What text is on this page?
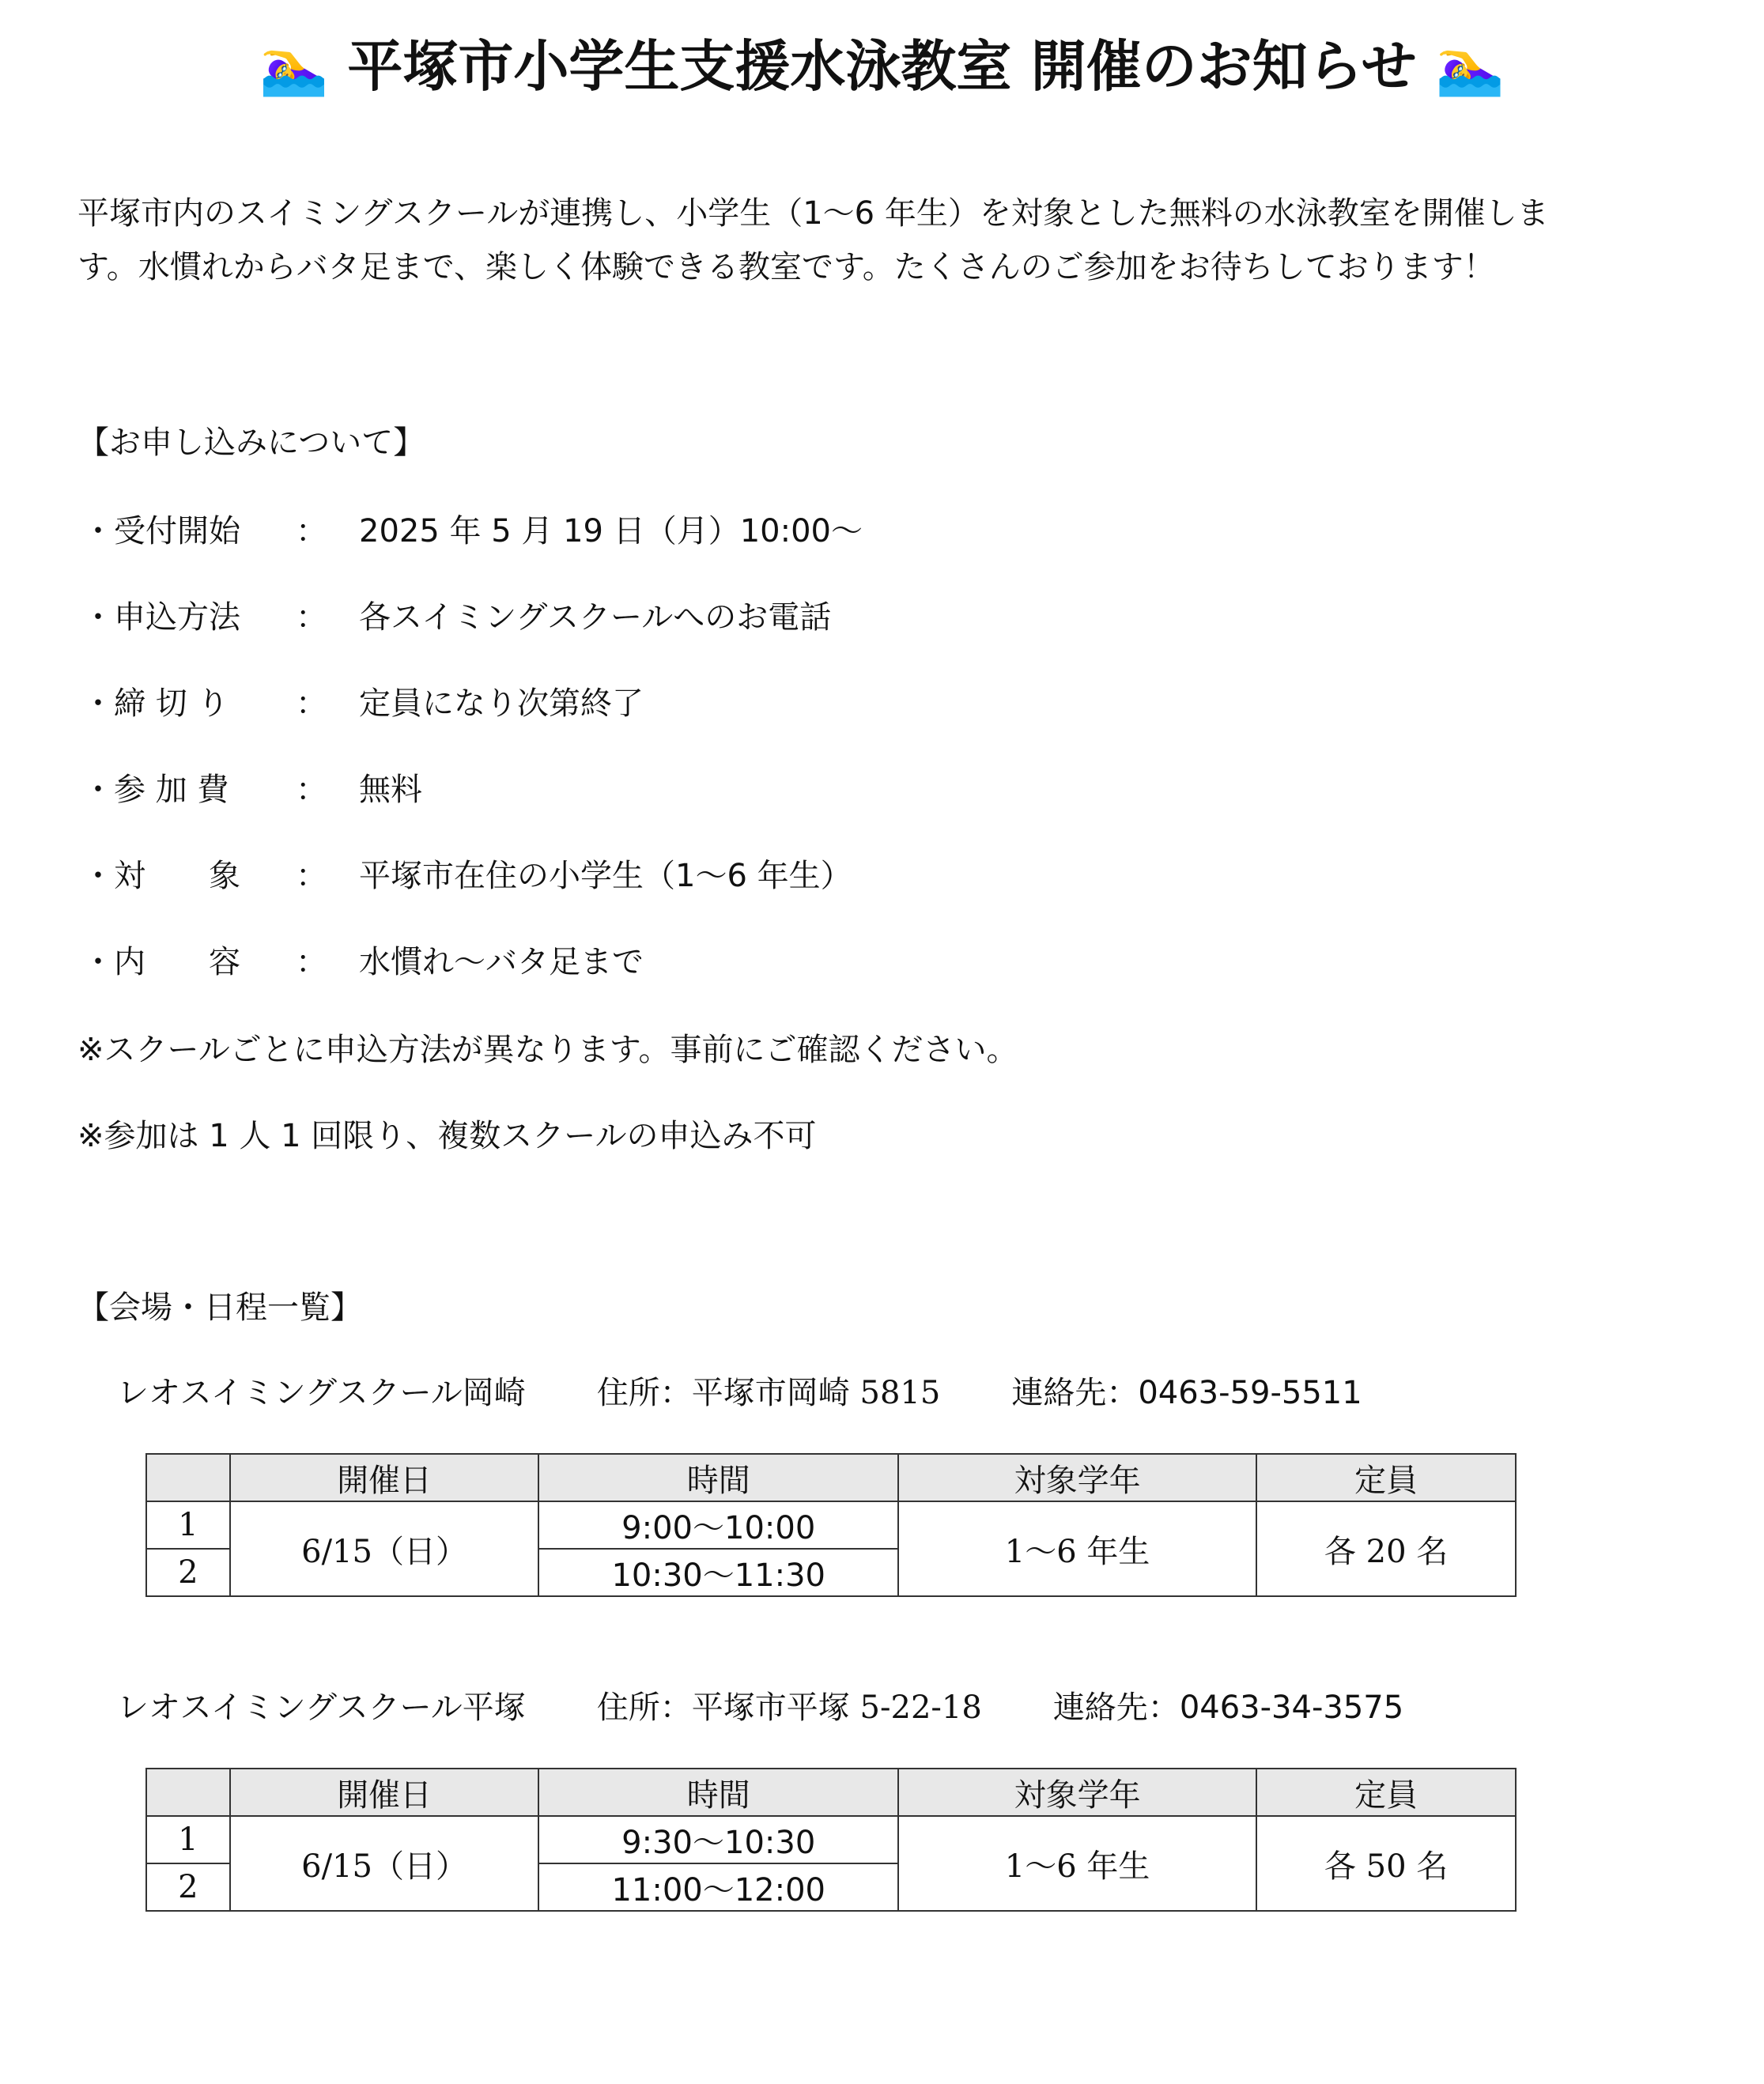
🏊‍♀️ 平塚市小学生支援水泳教室 開催のお知らせ 🏊‍♀️

平塚市内のスイミングスクールが連携し、小学生（1～6 年生）を対象とした無料の水泳教室を開催しま

す。水慣れからバタ足まで、楽しく体験できる教室です。たくさんのご参加をお待ちしております！

【お申し込みについて】
・受付開始 ： 2025 年 5 月 19 日（月）10:00～
・申込方法 ： 各スイミングスクールへのお電話
・締 切 り ： 定員になり次第終了
・参 加 費 ： 無料
・対　　象 ： 平塚市在住の小学生（1～6 年生）
・内　　容 ： 水慣れ～バタ足まで
※スクールごとに申込方法が異なります。事前にご確認ください。
※参加は 1 人 1 回限り、複数スクールの申込み不可
【会場・日程一覧】
レオスイミングスクール岡崎 住所：平塚市岡崎 5815 連絡先：0463-59-5511
	開催日	時間	対象学年	定員
1	6/15（日）	9:00～10:00	1～6 年生	各 20 名
2		10:30～11:30		
レオスイミングスクール平塚 住所：平塚市平塚 5-22-18 連絡先：0463-34-3575
	開催日	時間	対象学年	定員
1	6/15（日）	9:30～10:30	1～6 年生	各 50 名
2		11:00～12:00		
